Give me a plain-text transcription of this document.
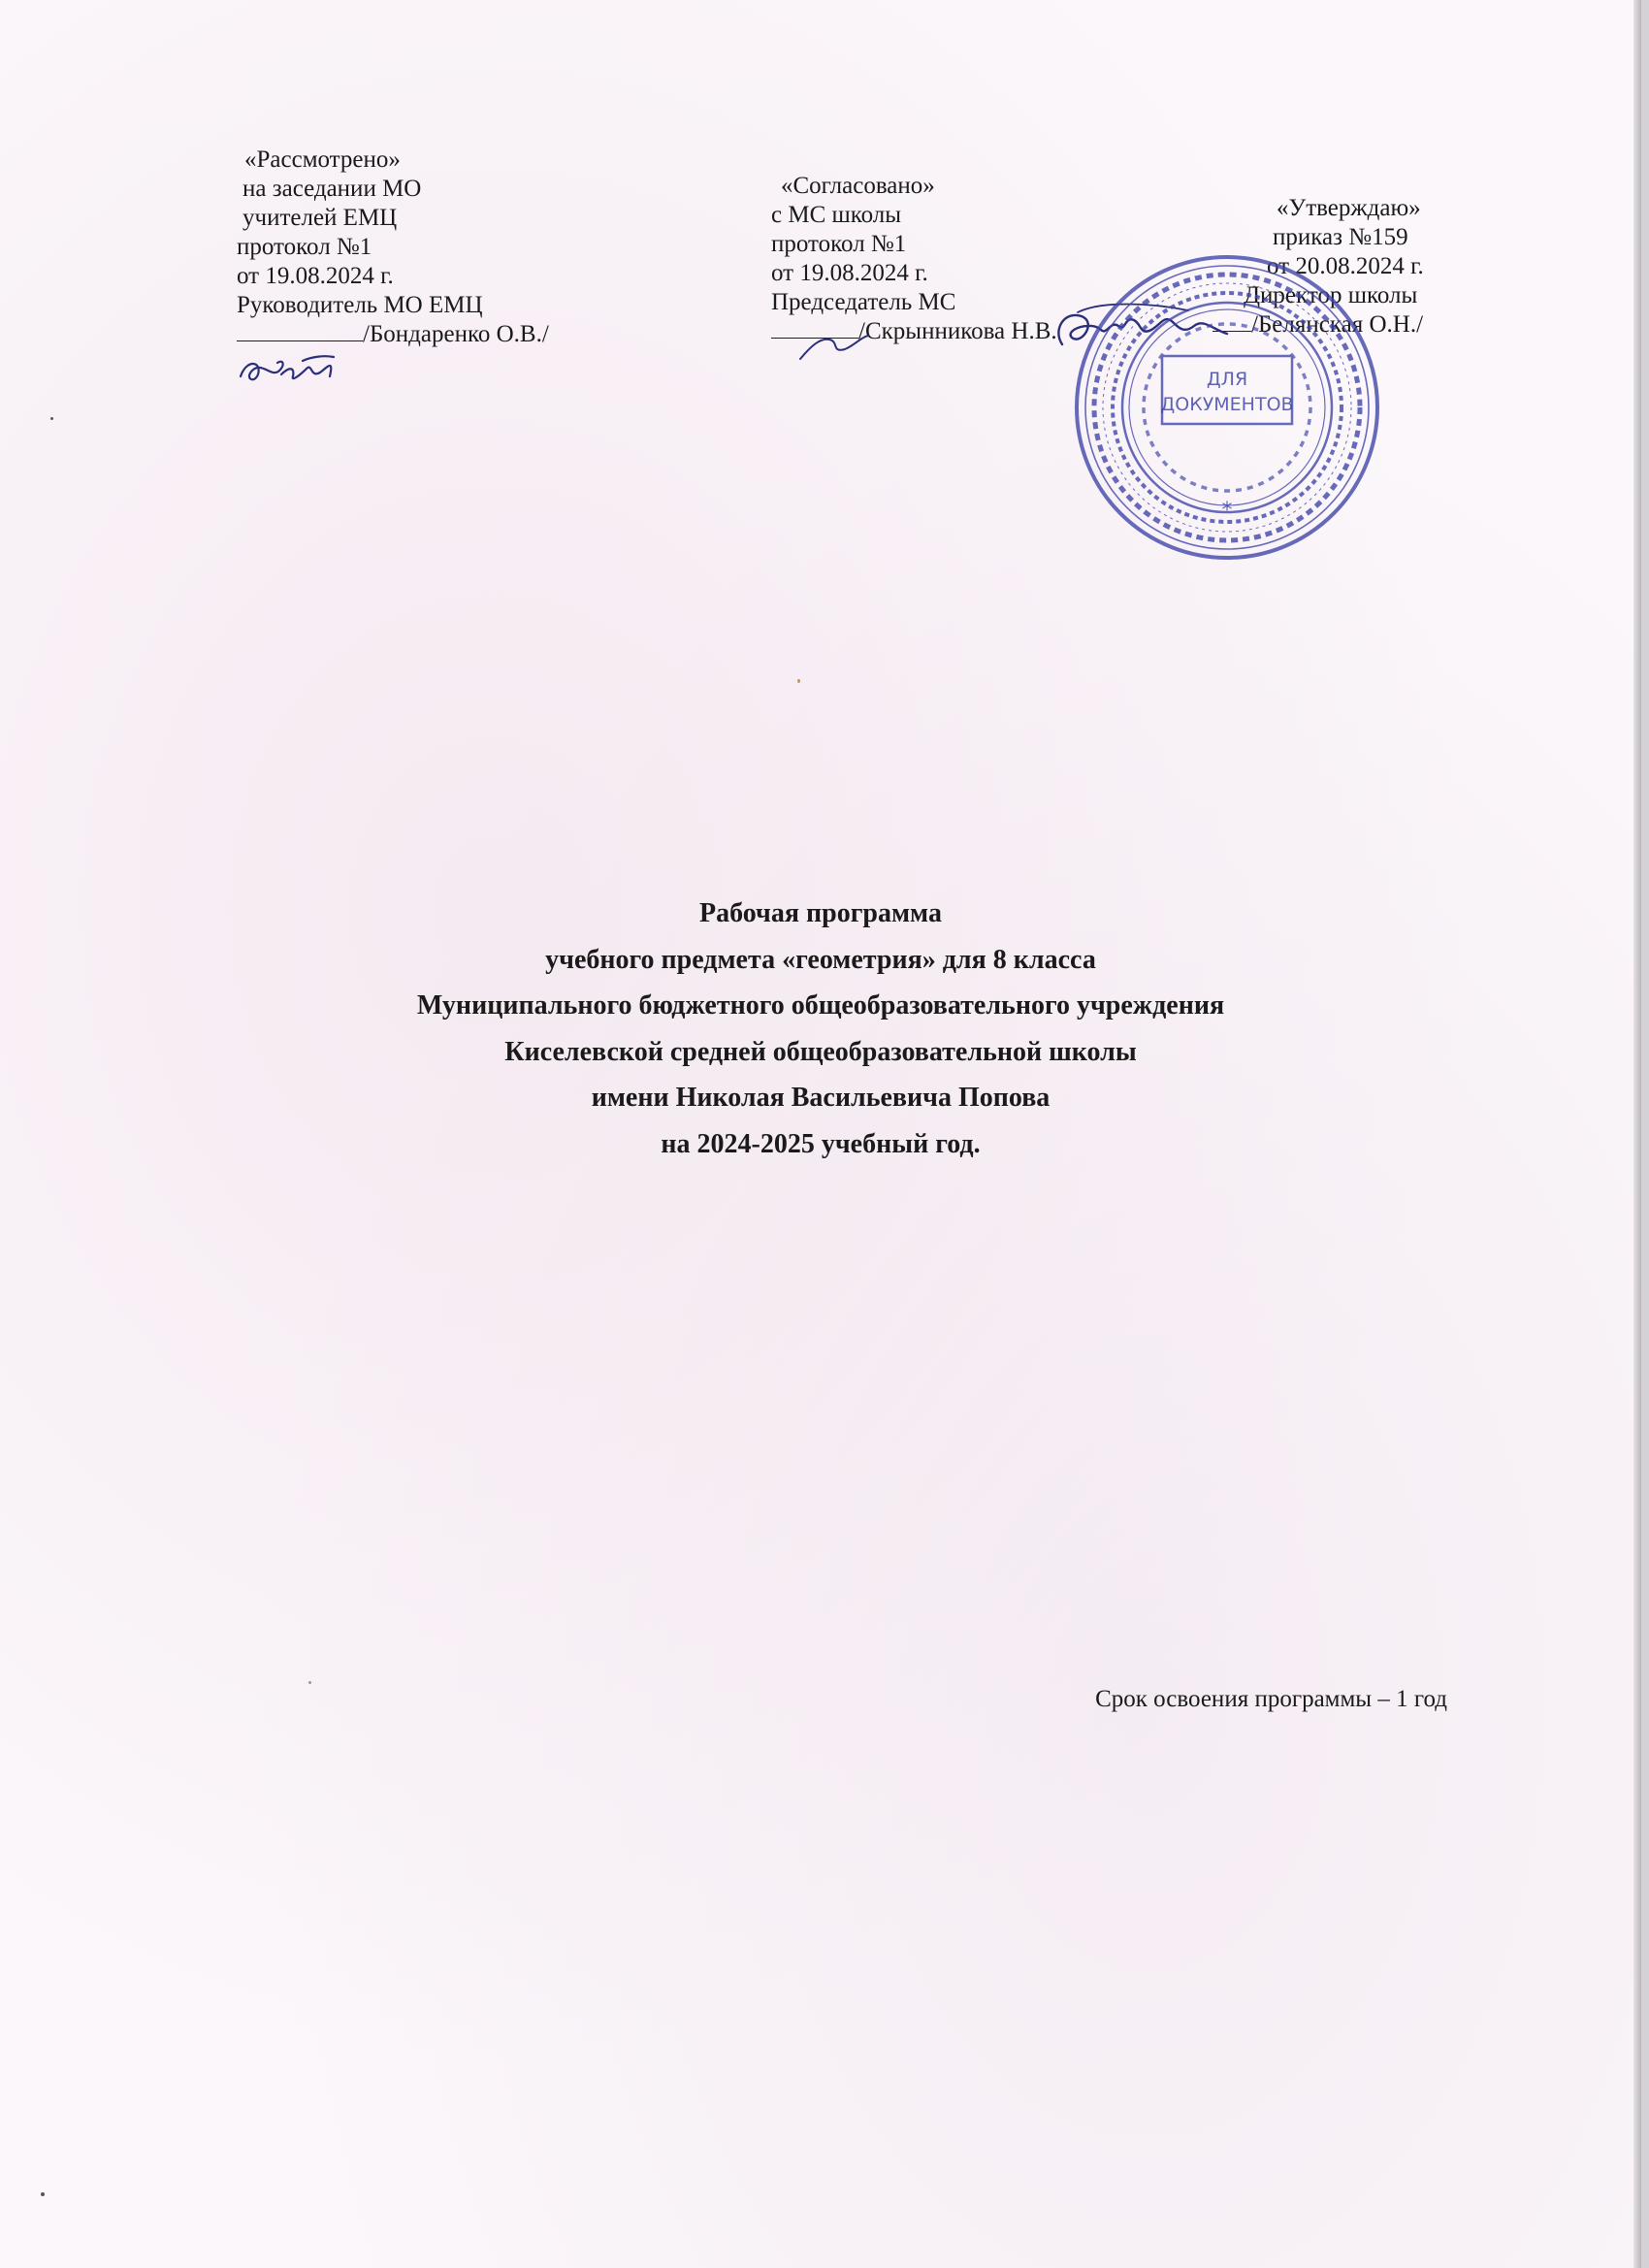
«Рассмотрено»
на заседании МО
учителей ЕМЦ
протокол №1
от 19.08.2024 г.
Руководитель МО ЕМЦ
/Бондаренко О.В./
«Согласовано»
с МС школы
протокол №1
от 19.08.2024 г.
Председатель МС
/Скрынникова Н.В.
«Утверждаю»
приказ №159
от 20.08.2024 г.
Директор школы
/Белянская О.Н./
ДЛЯ
ДОКУМЕНТОВ
*
Рабочая программа
учебного предмета «геометрия» для 8 класса
Муниципального бюджетного общеобразовательного учреждения
Киселевской средней общеобразовательной школы
имени Николая Васильевича Попова
на 2024-2025 учебный год.
Срок освоения программы – 1 год
